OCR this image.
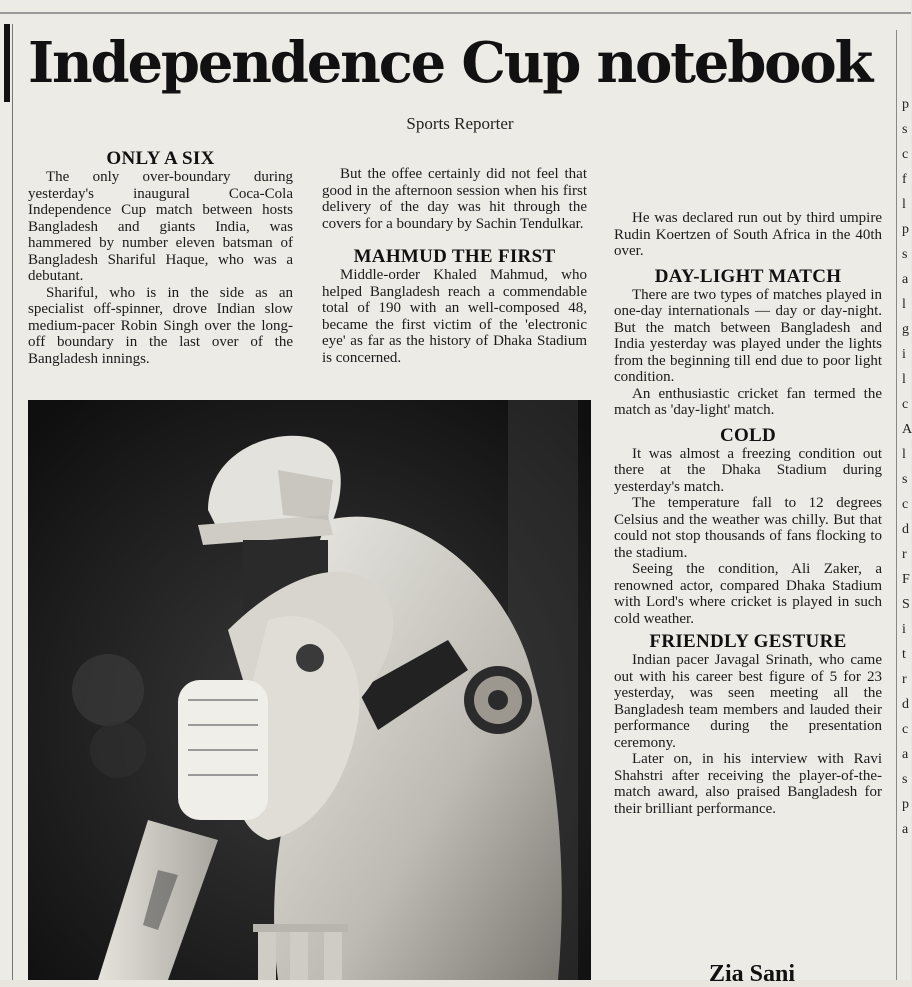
Independence Cup notebook
Sports Reporter
ONLY A SIX

The only over-boundary during yesterday's inaugural Coca-Cola Independence Cup match between hosts Bangladesh and giants India, was hammered by number eleven batsman of Bangladesh Shariful Haque, who was a debutant.

Shariful, who is in the side as an specialist off-spinner, drove Indian slow medium-pacer Robin Singh over the long-off boundary in the last over of the Bangladesh innings.

But the offee certainly did not feel that good in the afternoon session when his first delivery of the day was hit through the covers for a boundary by Sachin Tendulkar.

MAHMUD THE FIRST

Middle-order Khaled Mahmud, who helped Bangladesh reach a commendable total of 190 with an well-composed 48, became the first victim of the 'electronic eye' as far as the history of Dhaka Stadium is concerned.

He was declared run out by third umpire Rudin Koertzen of South Africa in the 40th over.

DAY-LIGHT MATCH

There are two types of matches played in one-day internationals — day or day-night. But the match between Bangladesh and India yesterday was played under the lights from the beginning till end due to poor light condition.

An enthusiastic cricket fan termed the match as 'day-light' match.

COLD

It was almost a freezing condition out there at the Dhaka Stadium during yesterday's match.

The temperature fall to 12 degrees Celsius and the weather was chilly. But that could not stop thousands of fans flocking to the stadium.

Seeing the condition, Ali Zaker, a renowned actor, compared Dhaka Stadium with Lord's where cricket is played in such cold weather.

FRIENDLY GESTURE

Indian pacer Javagal Srinath, who came out with his career best figure of 5 for 23 yesterday, was seen meeting all the Bangladesh team members and lauded their performance during the presentation ceremony.

Later on, in his interview with Ravi Shahstri after receiving the player-of-the-match award, also praised Bangladesh for their brilliant performance.

Zia Sani
p
s
c
f
l
p
s
a
l
g
i
l
c
A
l
s
c
d
r
F
S
i
t
r
d
c
a
s
p
a
